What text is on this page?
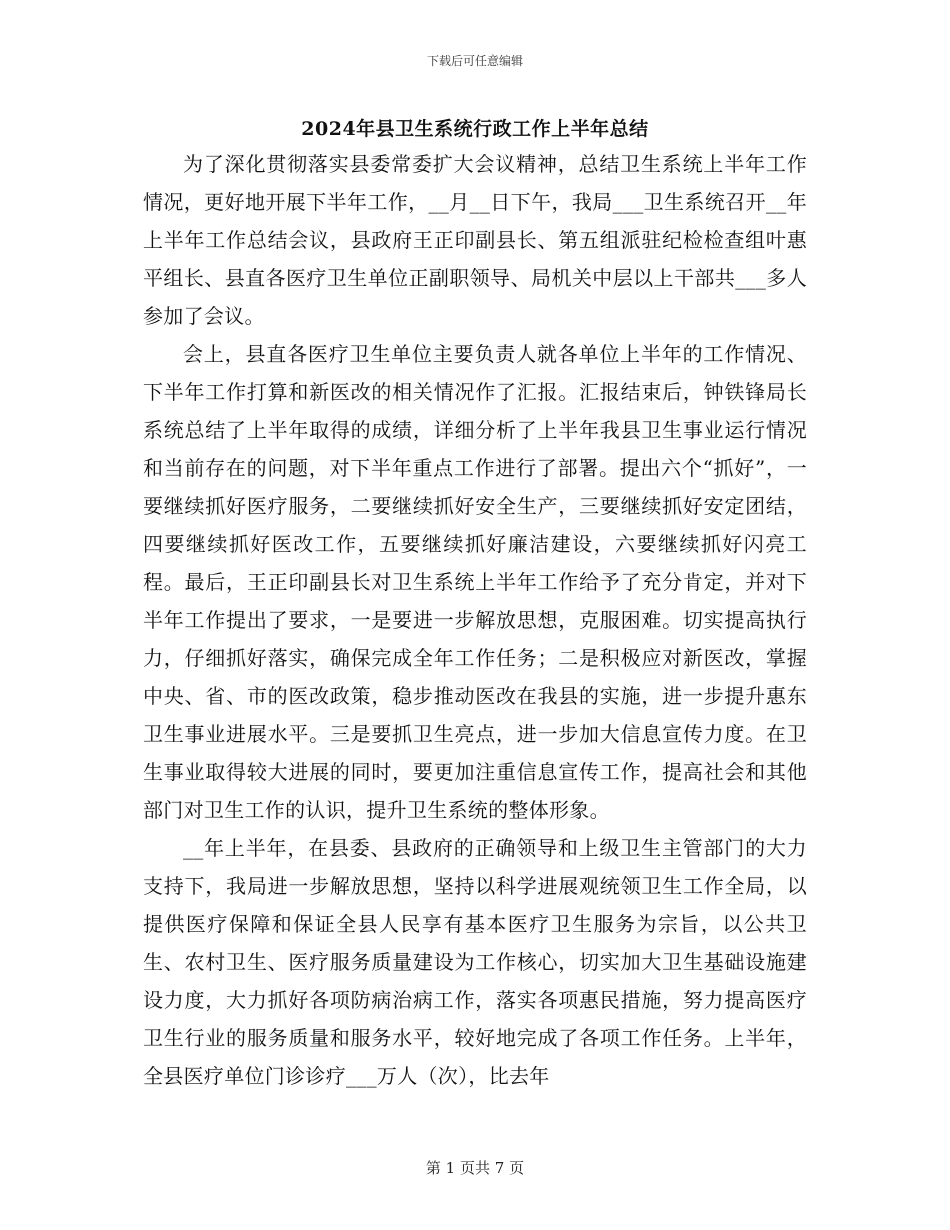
下载后可任意编辑
2024年县卫生系统行政工作上半年总结

为了深化贯彻落实县委常委扩大会议精神，总结卫生系统上半年工作情况，更好地开展下半年工作，__月__日下午，我局___卫生系统召开__年上半年工作总结会议，县政府王正印副县长、第五组派驻纪检检查组叶惠平组长、县直各医疗卫生单位正副职领导、局机关中层以上干部共___多人参加了会议。

会上，县直各医疗卫生单位主要负责人就各单位上半年的工作情况、下半年工作打算和新医改的相关情况作了汇报。汇报结束后，钟铁锋局长系统总结了上半年取得的成绩，详细分析了上半年我县卫生事业运行情况和当前存在的问题，对下半年重点工作进行了部署。提出六个“抓好”，一要继续抓好医疗服务，二要继续抓好安全生产，三要继续抓好安定团结，四要继续抓好医改工作，五要继续抓好廉洁建设，六要继续抓好闪亮工程。最后，王正印副县长对卫生系统上半年工作给予了充分肯定，并对下半年工作提出了要求，一是要进一步解放思想，克服困难。切实提高执行力，仔细抓好落实，确保完成全年工作任务；二是积极应对新医改，掌握中央、省、市的医改政策，稳步推动医改在我县的实施，进一步提升惠东卫生事业进展水平。三是要抓卫生亮点，进一步加大信息宣传力度。在卫生事业取得较大进展的同时，要更加注重信息宣传工作，提高社会和其他部门对卫生工作的认识，提升卫生系统的整体形象。

__年上半年，在县委、县政府的正确领导和上级卫生主管部门的大力支持下，我局进一步解放思想，坚持以科学进展观统领卫生工作全局，以提供医疗保障和保证全县人民享有基本医疗卫生服务为宗旨，以公共卫生、农村卫生、医疗服务质量建设为工作核心，切实加大卫生基础设施建设力度，大力抓好各项防病治病工作，落实各项惠民措施，努力提高医疗卫生行业的服务质量和服务水平，较好地完成了各项工作任务。上半年，全县医疗单位门诊诊疗___万人（次），比去年

第 1 页共 7 页
